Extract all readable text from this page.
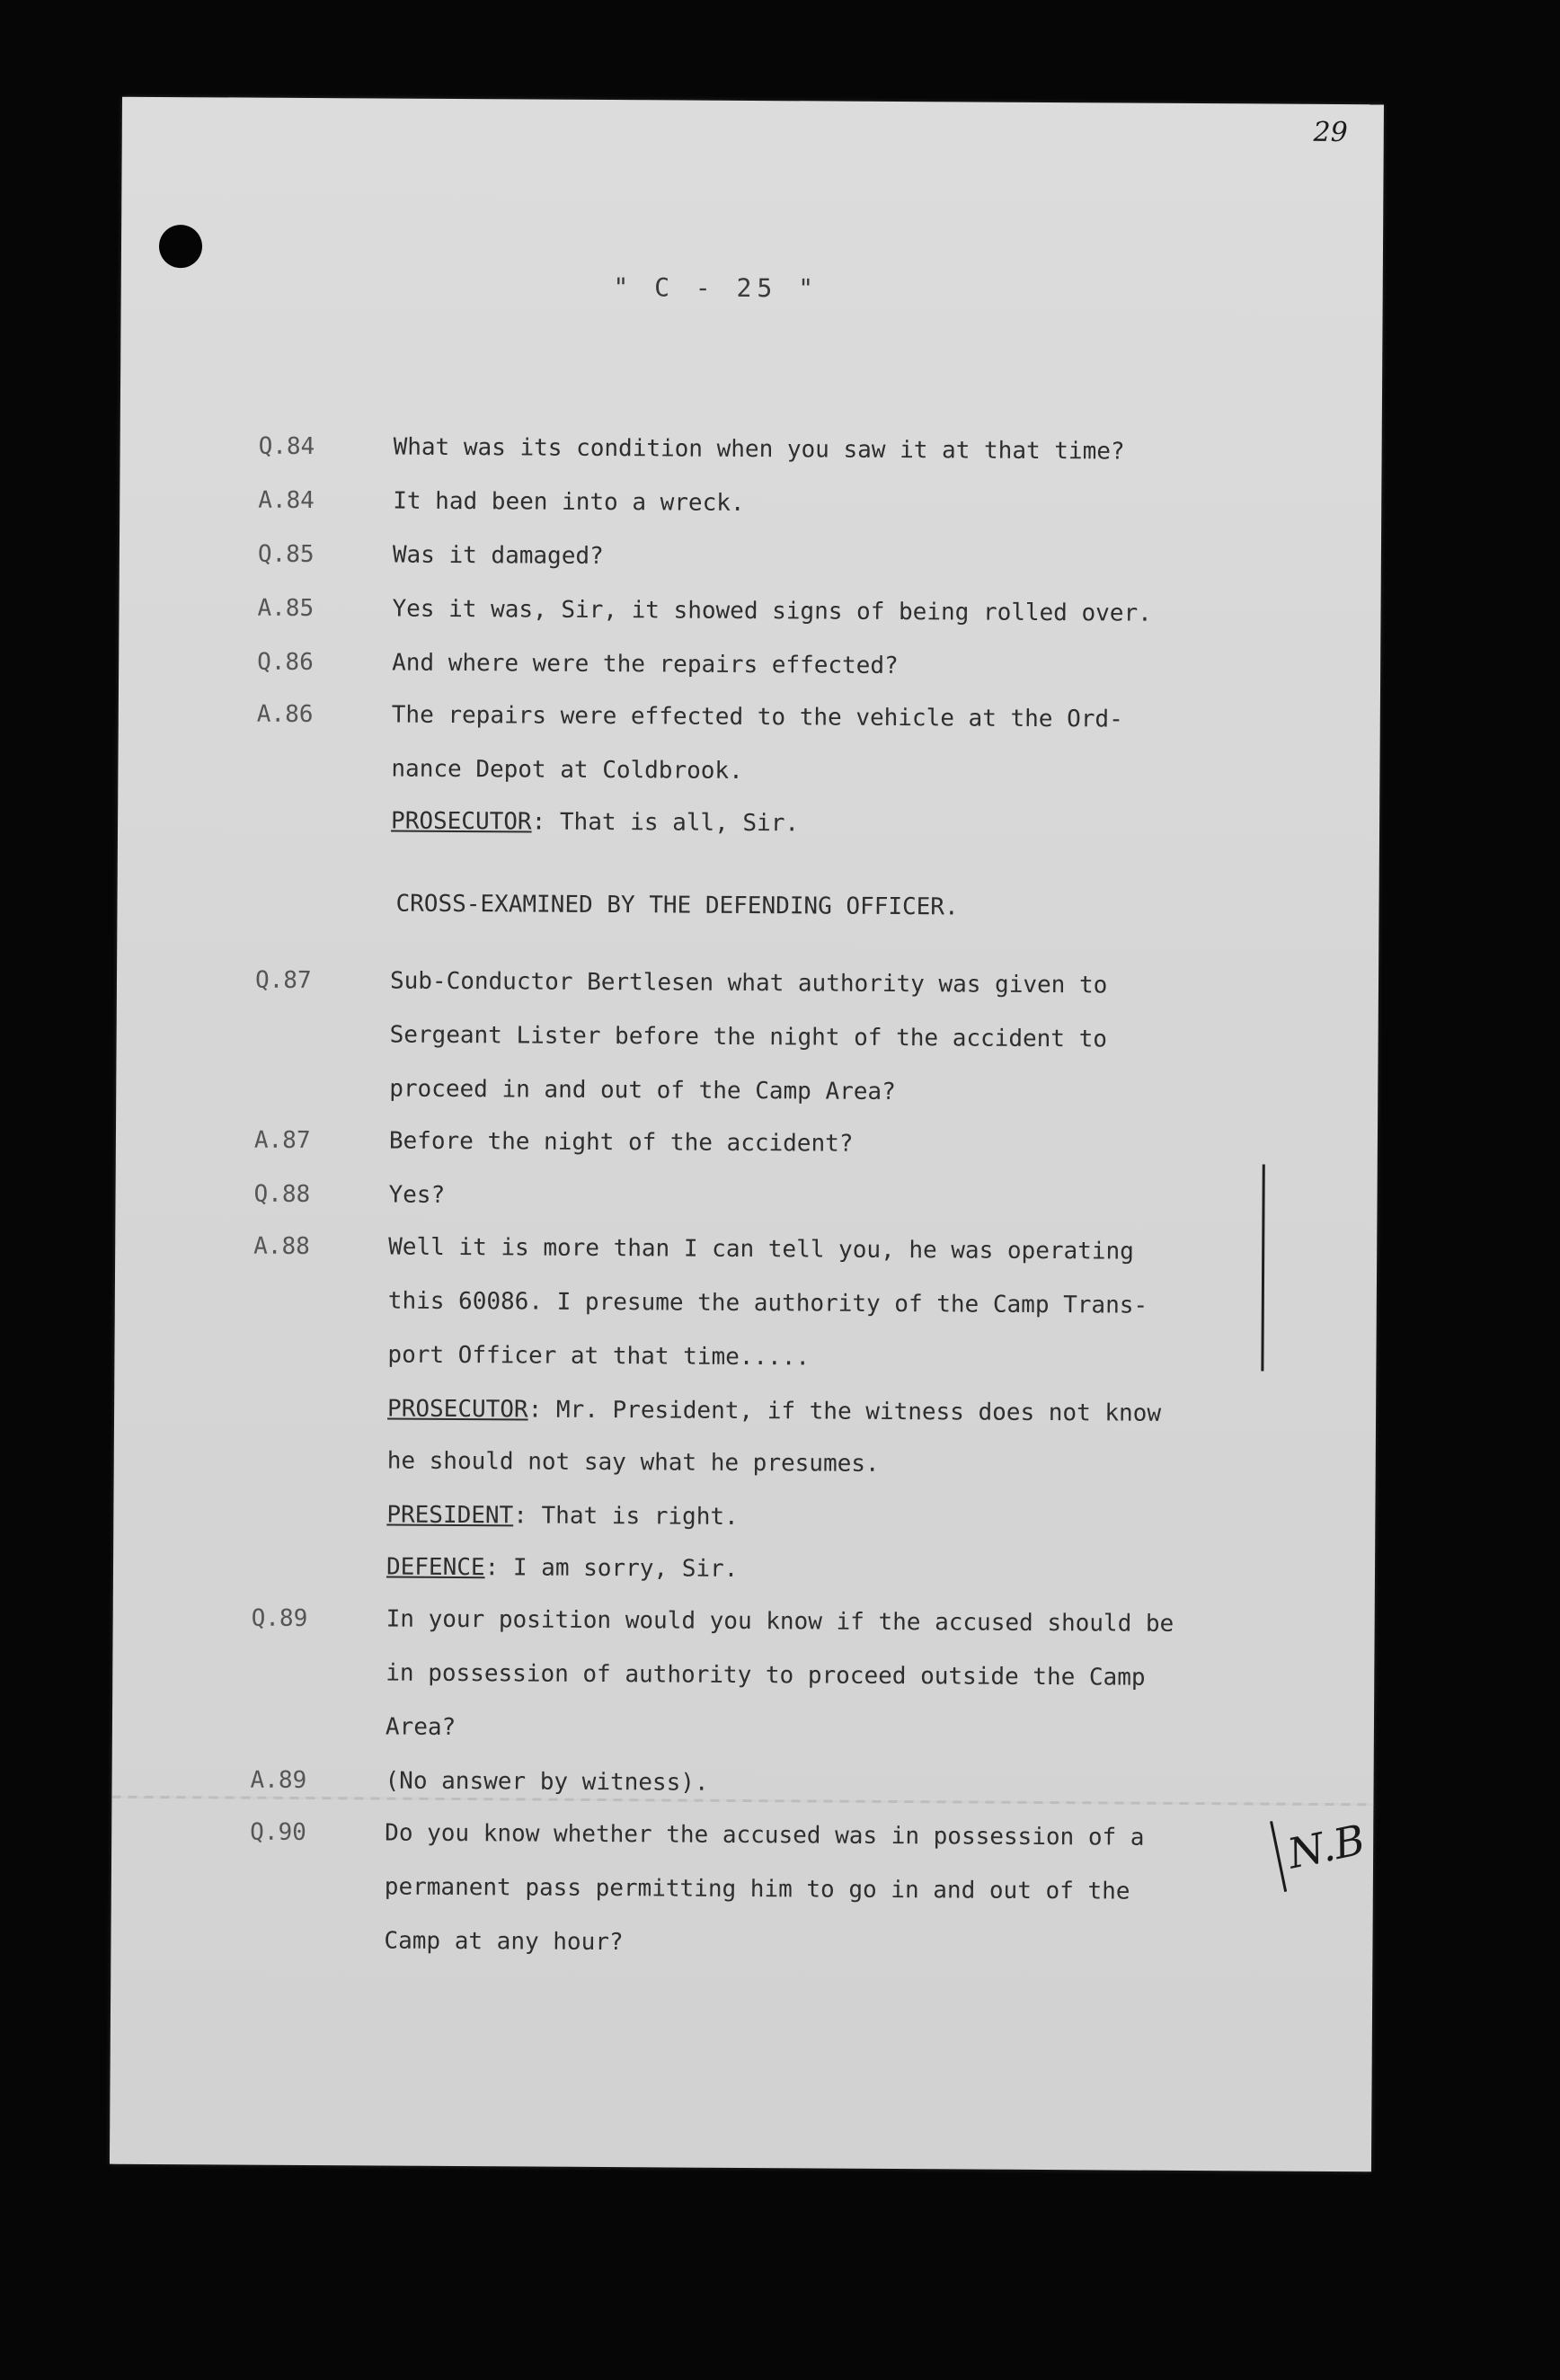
29
" C - 25 "
Q.84	What was its condition when you saw it at that time?
A.84	It had been into a wreck.
Q.85	Was it damaged?
A.85	Yes it was, Sir, it showed signs of being rolled over.
Q.86	And where were the repairs effected?
A.86	The repairs were effected to the vehicle at the Ord-
nance Depot at Coldbrook.
PROSECUTOR: That is all, Sir.
CROSS-EXAMINED BY THE DEFENDING OFFICER.
Q.87	Sub-Conductor Bertlesen what authority was given to
Sergeant Lister before the night of the accident to
proceed in and out of the Camp Area?
A.87	Before the night of the accident?
Q.88	Yes?
A.88	Well it is more than I can tell you, he was operating
this 60086. I presume the authority of the Camp Trans-
port Officer at that time.....
PROSECUTOR: Mr. President, if the witness does not know
he should not say what he presumes.
PRESIDENT: That is right.
DEFENCE: I am sorry, Sir.
Q.89	In your position would you know if the accused should be
in possession of authority to proceed outside the Camp
Area?
A.89	(No answer by witness).
Q.90	Do you know whether the accused was in possession of a
permanent pass permitting him to go in and out of the
Camp at any hour?
N.B
